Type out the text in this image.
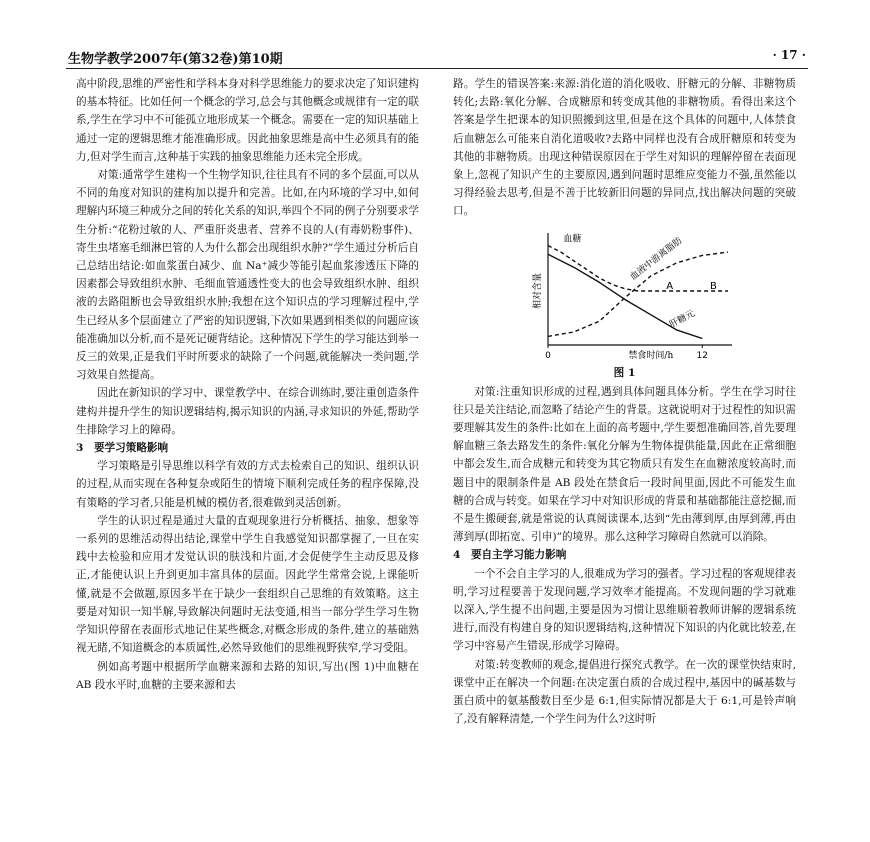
生物学教学2007年(第32卷)第10期	· 17 ·

高中阶段,思维的严密性和学科本身对科学思维能力的要求决定了知识建构的基本特征。比如任何一个概念的学习,总会与其他概念或规律有一定的联系,学生在学习中不可能孤立地形成某一个概念。需要在一定的知识基础上通过一定的逻辑思维才能准确形成。因此抽象思维是高中生必须具有的能力,但对学生而言,这种基于实践的抽象思维能力还未完全形成。

对策:通常学生建构一个生物学知识,往往具有不同的多个层面,可以从不同的角度对知识的建构加以提升和完善。比如,在内环境的学习中,如何理解内环境三种成分之间的转化关系的知识,举四个不同的例子分别要求学生分析:“花粉过敏的人、严重肝炎患者、营养不良的人(有毒奶粉事件)、寄生虫堵塞毛细淋巴管的人为什么都会出现组织水肿?”学生通过分析后自己总结出结论:如血浆蛋白减少、血 Na⁺减少等能引起血浆渗透压下降的因素都会导致组织水肿、毛细血管通透性变大的也会导致组织水肿、组织液的去路阻断也会导致组织水肿;我想在这个知识点的学习理解过程中,学生已经从多个层面建立了严密的知识逻辑,下次如果遇到相类似的问题应该能准确加以分析,而不是死记硬背结论。这种情况下学生的学习能达到举一反三的效果,正是我们平时所要求的缺除了一个问题,就能解决一类问题,学习效果自然提高。

因此在新知识的学习中、课堂教学中、在综合训练时,要注重创造条件建构并提升学生的知识逻辑结构,揭示知识的内涵,寻求知识的外延,帮助学生排除学习上的障碍。

3　要学习策略影响

学习策略是引导思维以科学有效的方式去检索自己的知识、组织认识的过程,从而实现在各种复杂或陌生的情境下顺利完成任务的程序保障,没有策略的学习者,只能是机械的模仿者,很难做到灵活创新。

学生的认识过程是通过大量的直观现象进行分析概括、抽象、想象等一系列的思维活动得出结论,课堂中学生自我感觉知识都掌握了,一旦在实践中去检验和应用才发觉认识的肤浅和片面,才会促使学生主动反思及修正,才能使认识上升到更加丰富具体的层面。因此学生常常会说,上课能听懂,就是不会做题,原因多半在于缺少一套组织自己思维的有效策略。这主要是对知识一知半解,导致解决问题时无法变通,相当一部分学生学习生物学知识停留在表面形式地记住某些概念,对概念形成的条件,建立的基础熟视无睹,不知道概念的本质属性,必然导致他们的思维视野狭窄,学习受阻。

例如高考题中根据所学血糖来源和去路的知识,写出(图 1)中血糖在 AB 段水平时,血糖的主要来源和去

路。学生的错误答案:来源:消化道的消化吸收、肝糖元的分解、非糖物质转化;去路:氧化分解、合成糖原和转变成其他的非糖物质。看得出来这个答案是学生把课本的知识照搬到这里,但是在这个具体的问题中,人体禁食后血糖怎么可能来自消化道吸收?去路中同样也没有合成肝糖原和转变为其他的非糖物质。出现这种错误原因在于学生对知识的理解停留在表面现象上,忽视了知识产生的主要原因,遇到问题时思维应变能力不强,虽然能以习得经验去思考,但是不善于比较新旧问题的异同点,找出解决问题的突破口。

0	12
禁食时间/h
相对含量
血糖	血液中游离脂肪
肝糖元
A	B
图 1

对策:注重知识形成的过程,遇到具体问题具体分析。学生在学习时往往只是关注结论,而忽略了结论产生的背景。这就说明对于过程性的知识需要理解其发生的条件:比如在上面的高考题中,学生要想准确回答,首先要理解血糖三条去路发生的条件:氧化分解为生物体提供能量,因此在正常细胞中都会发生,而合成糖元和转变为其它物质只有发生在血糖浓度较高时,而题目中的限制条件是 AB 段处在禁食后一段时间里面,因此不可能发生血糖的合成与转变。如果在学习中对知识形成的背景和基础都能注意挖掘,而不是生搬硬套,就是常说的认真阅读课本,达到“先由薄到厚,由厚到薄,再由薄到厚(即拓宽、引申)”的境界。那么这种学习障碍自然就可以消除。

4　要自主学习能力影响

一个不会自主学习的人,很难成为学习的强者。学习过程的客观规律表明,学习过程要善于发现问题,学习效率才能提高。不发现问题的学习就难以深入,学生提不出问题,主要是因为习惯让思维顺着教师讲解的逻辑系统进行,而没有构建自身的知识逻辑结构,这种情况下知识的内化就比较差,在学习中容易产生错误,形成学习障碍。

对策:转变教师的观念,提倡进行探究式教学。在一次的课堂快结束时,课堂中正在解决一个问题:在决定蛋白质的合成过程中,基因中的碱基数与蛋白质中的氨基酸数目至少是 6:1,但实际情况都是大于 6:1,可是铃声响了,没有解释清楚,一个学生问为什么?这时听
